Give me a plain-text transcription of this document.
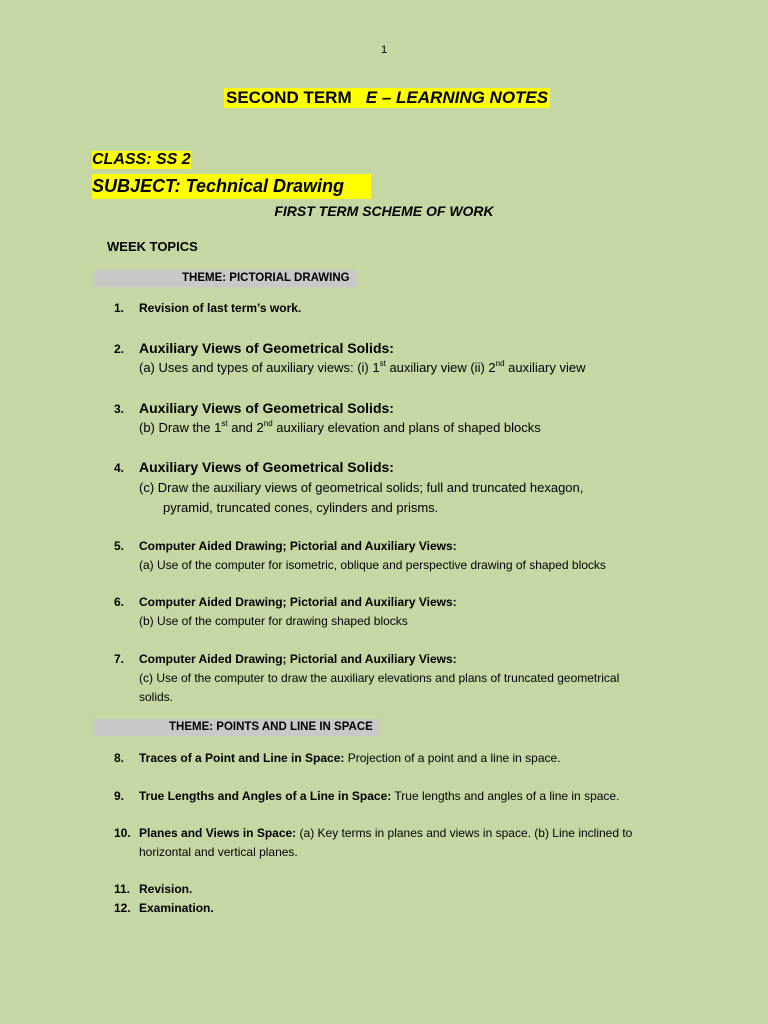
1
SECOND TERM E – LEARNING NOTES
CLASS: SS 2
SUBJECT: Technical Drawing
FIRST TERM SCHEME OF WORK
WEEK TOPICS
THEME: PICTORIAL DRAWING
1.	Revision of last term’s work.
2.	Auxiliary Views of Geometrical Solids:
(a) Uses and types of auxiliary views: (i) 1st auxiliary view (ii) 2nd auxiliary view
3.	Auxiliary Views of Geometrical Solids:
(b) Draw the 1st and 2nd auxiliary elevation and plans of shaped blocks
4.	Auxiliary Views of Geometrical Solids:
(c) Draw the auxiliary views of geometrical solids; full and truncated hexagon,
pyramid, truncated cones, cylinders and prisms.
5.	Computer Aided Drawing; Pictorial and Auxiliary Views:
(a) Use of the computer for isometric, oblique and perspective drawing of shaped blocks
6.	Computer Aided Drawing; Pictorial and Auxiliary Views:
(b) Use of the computer for drawing shaped blocks
7.	Computer Aided Drawing; Pictorial and Auxiliary Views:
(c) Use of the computer to draw the auxiliary elevations and plans of truncated geometrical
solids.
THEME: POINTS AND LINE IN SPACE
8.	Traces of a Point and Line in Space: Projection of a point and a line in space.
9.	True Lengths and Angles of a Line in Space: True lengths and angles of a line in space.
10. Planes and Views in Space: (a) Key terms in planes and views in space. (b) Line inclined to
horizontal and vertical planes.
11. Revision.
12. Examination.
